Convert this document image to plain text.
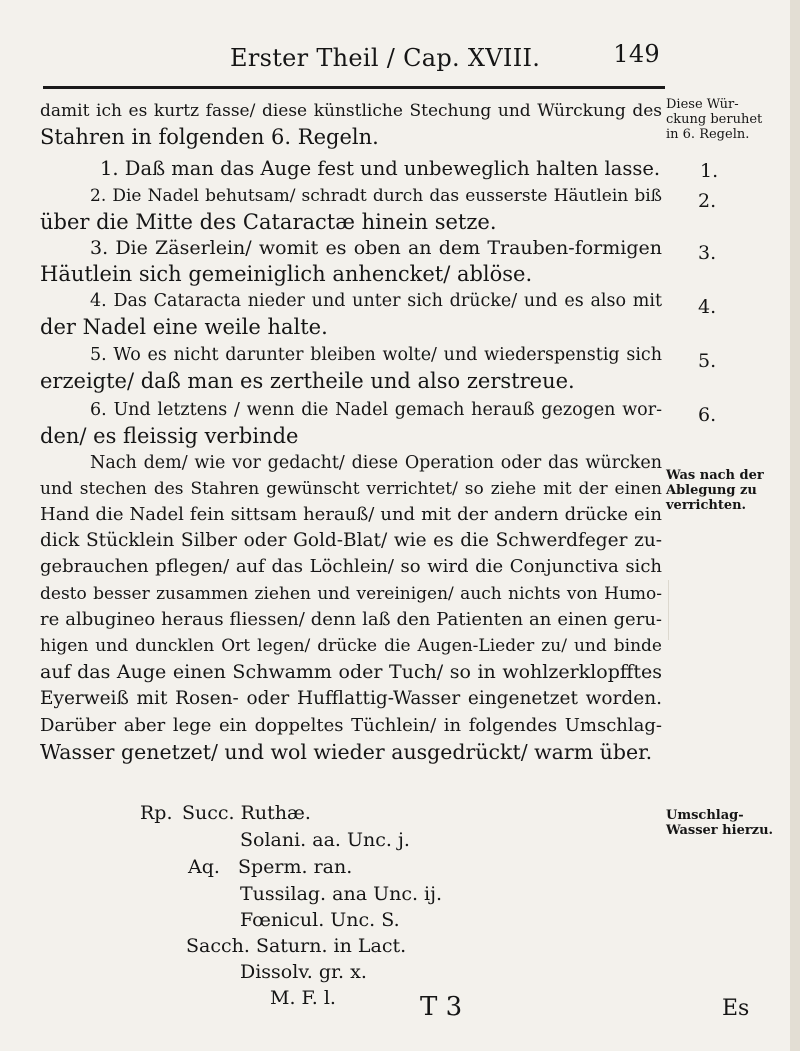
Erster Theil / Cap. XVIII.	149
damit ich es kurtz fasse/ diese künstliche Stechung und Würckung des
Stahren in folgenden 6. Regeln.
1. Daß man das Auge fest und unbeweglich halten lasse.
2. Die Nadel behutsam/ schradt durch das eusserste Häutlein biß
über die Mitte des Cataractæ hinein setze.
3. Die Zäserlein/ womit es oben an dem Trauben-formigen
Häutlein sich gemeiniglich anhencket/ ablöse.
4. Das Cataracta nieder und unter sich drücke/ und es also mit
der Nadel eine weile halte.
5. Wo es nicht darunter bleiben wolte/ und wiederspenstig sich
erzeigte/ daß man es zertheile und also zerstreue.
6. Und letztens / wenn die Nadel gemach herauß gezogen wor-
den/ es fleissig verbinde
Nach dem/ wie vor gedacht/ diese Operation oder das würcken
und stechen des Stahren gewünscht verrichtet/ so ziehe mit der einen
Hand die Nadel fein sittsam herauß/ und mit der andern drücke ein
dick Stücklein Silber oder Gold-Blat/ wie es die Schwerdfeger zu-
gebrauchen pflegen/ auf das Löchlein/ so wird die Conjunctiva sich
desto besser zusammen ziehen und vereinigen/ auch nichts von Humo-
re albugineo heraus fliessen/ denn laß den Patienten an einen geru-
higen und duncklen Ort legen/ drücke die Augen-Lieder zu/ und binde
auf das Auge einen Schwamm oder Tuch/ so in wohlzerklopfftes
Eyerweiß mit Rosen- oder Hufflattig-Wasser eingenetzet worden.
Darüber aber lege ein doppeltes Tüchlein/ in folgendes Umschlag-
Wasser genetzet/ und wol wieder ausgedrückt/ warm über.
Diese Wür-
ckung beruhet
in 6. Regeln.
1.
2.
3.
4.
5.
6.
Was nach der
Ablegung zu
verrichten.
Umschlag-
Wasser hierzu.
Rp. Succ. Ruthæ.
Solani. aa. Unc. j.
Aq. Sperm. ran.
Tussilag. ana Unc. ij.
Fœnicul. Unc. S.
Sacch. Saturn. in Lact.
Dissolv. gr. x.
M. F. l.	T 3	Es
